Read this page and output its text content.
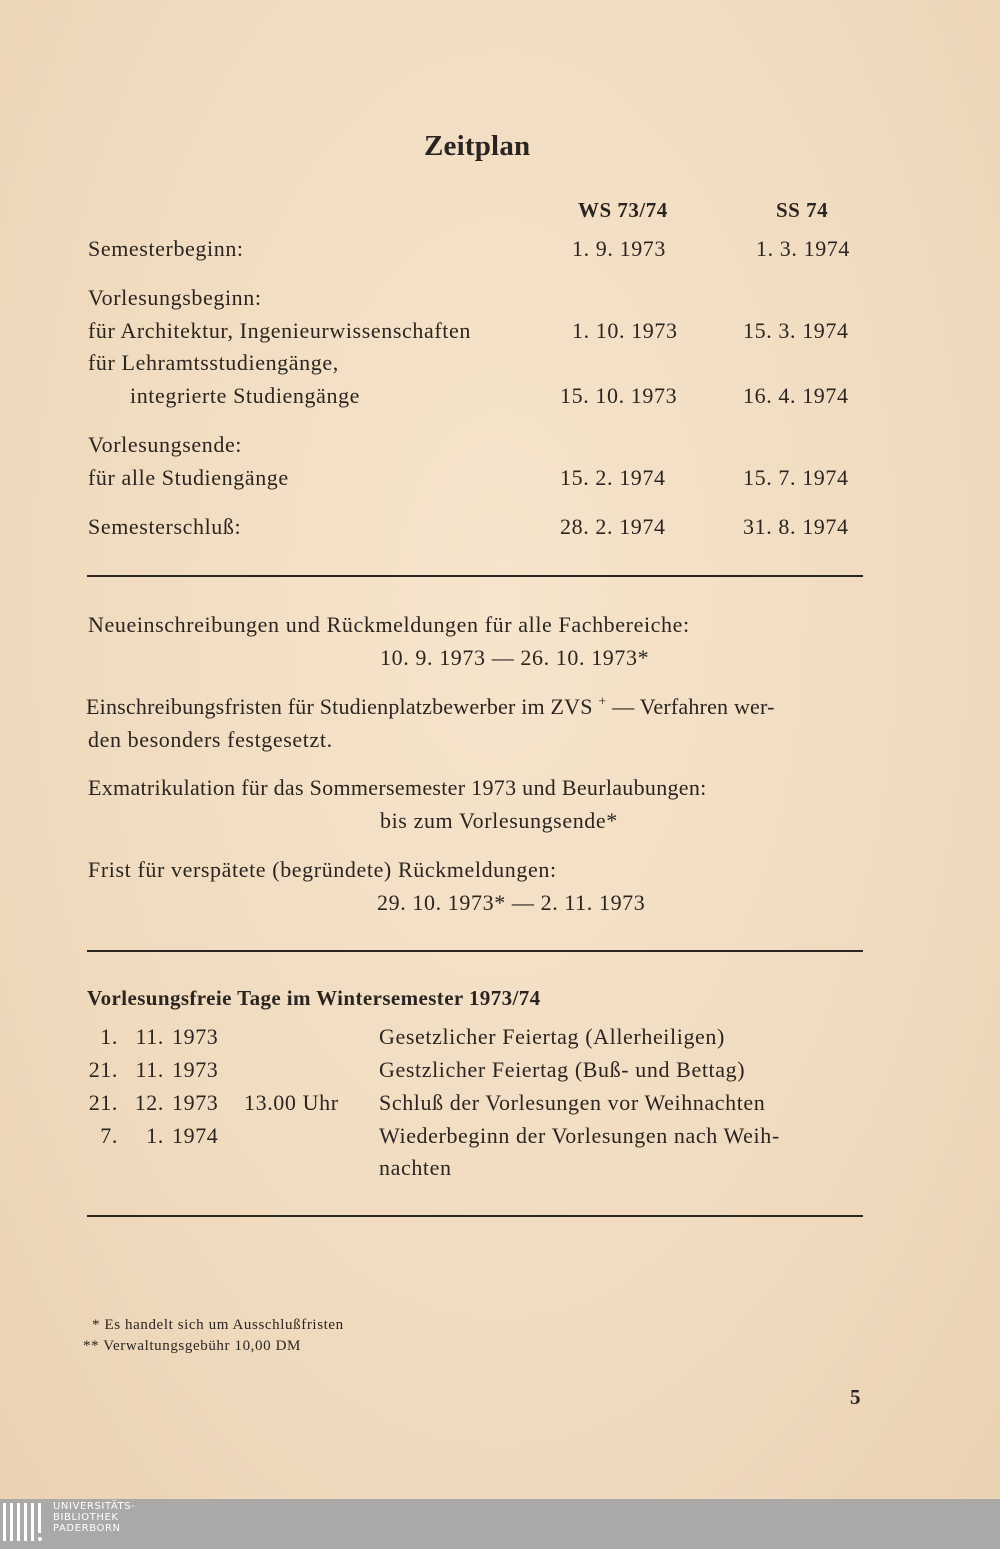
Zeitplan
WS 73/74	SS 74
Semesterbeginn:	1. 9. 1973	1. 3. 1974
Vorlesungsbeginn:
für Architektur, Ingenieurwissenschaften	1. 10. 1973	15. 3. 1974
für Lehramtsstudiengänge,
integrierte Studiengänge	15. 10. 1973	16. 4. 1974
Vorlesungsende:
für alle Studiengänge	15. 2. 1974	15. 7. 1974
Semesterschluß:	28. 2. 1974	31. 8. 1974
Neueinschreibungen und Rückmeldungen für alle Fachbereiche:
10. 9. 1973 — 26. 10. 1973*
Einschreibungsfristen für Studienplatzbewerber im ZVS + — Verfahren wer-
den besonders festgesetzt.
Exmatrikulation für das Sommersemester 1973 und Beurlaubungen:
bis zum Vorlesungsende*
Frist für verspätete (begründete) Rückmeldungen:
29. 10. 1973* — 2. 11. 1973
Vorlesungsfreie Tage im Wintersemester 1973/74
1. 11. 1973	Gesetzlicher Feiertag (Allerheiligen)
21. 11. 1973	Gestzlicher Feiertag (Buß- und Bettag)
21. 12. 1973 13.00 Uhr Schluß der Vorlesungen vor Weihnachten
7.	1. 1974	Wiederbeginn der Vorlesungen nach Weih-
nachten
* Es handelt sich um Ausschlußfristen
** Verwaltungsgebühr 10,00 DM
5
UNIVERSITÄTS-
BIBLIOTHEK
PADERBORN
